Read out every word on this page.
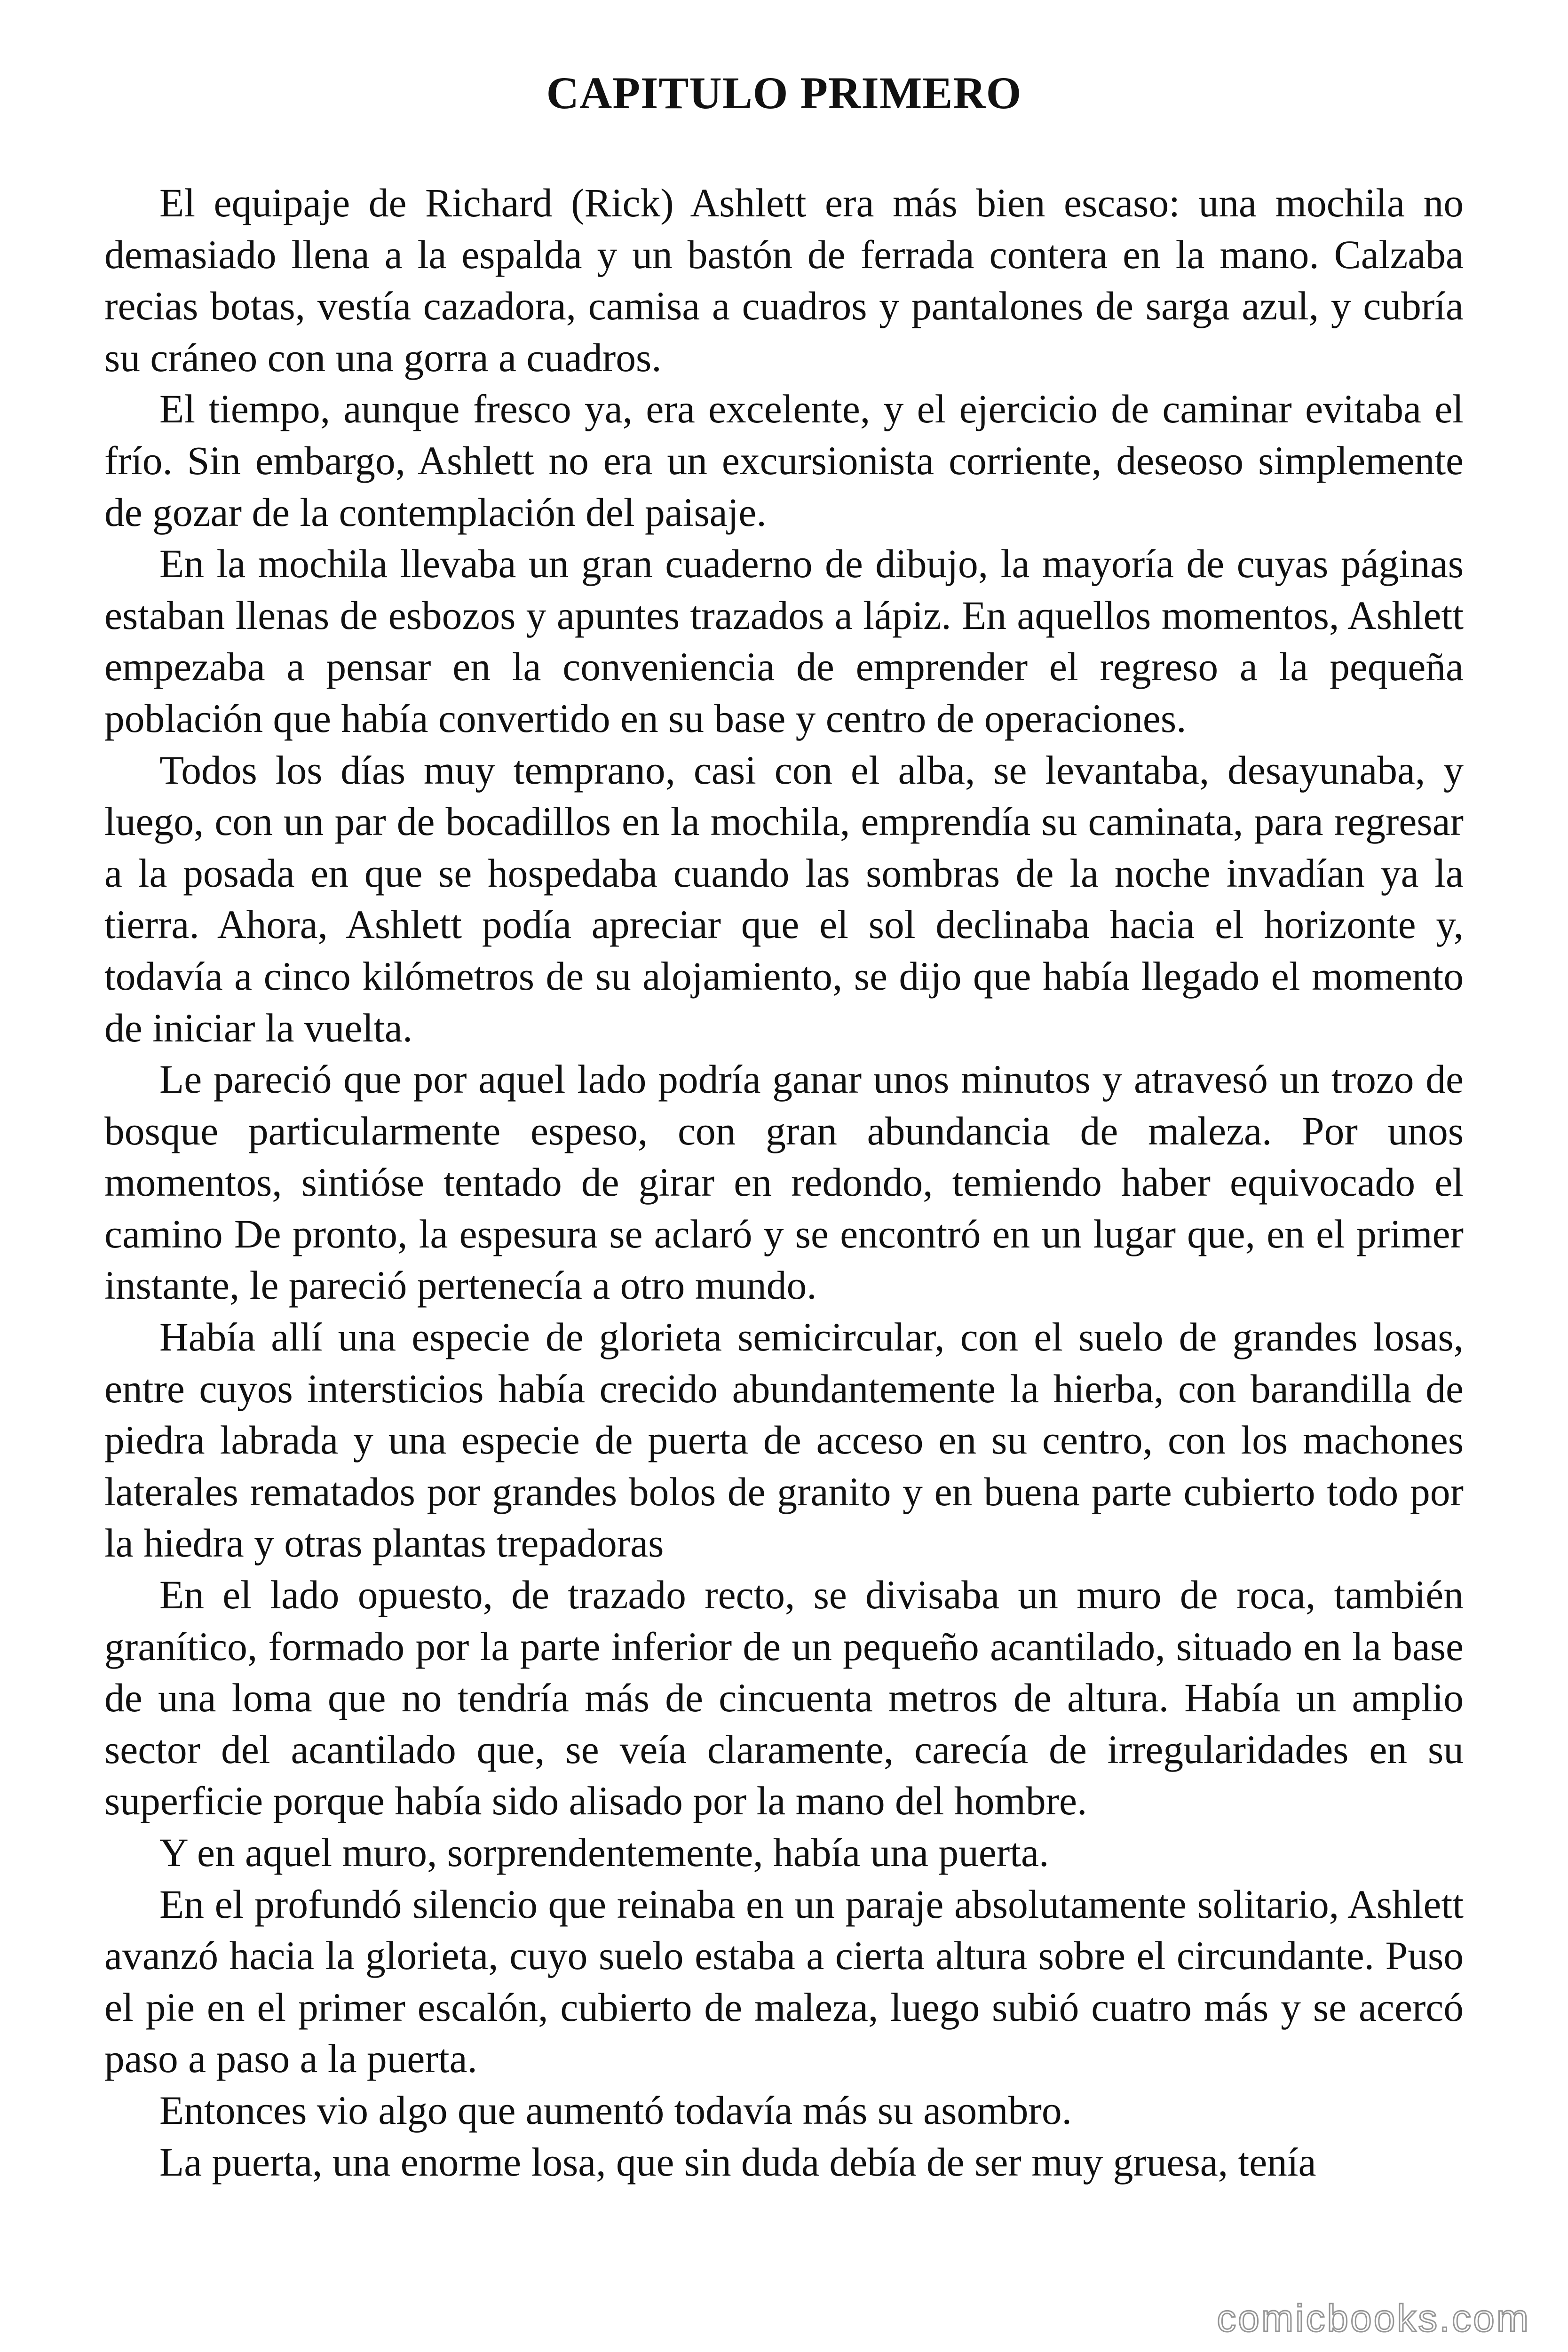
CAPITULO PRIMERO

El equipaje de Richard (Rick) Ashlett era más bien escaso: una mochila no demasiado llena a la espalda y un bastón de ferrada contera en la mano. Calzaba recias botas, vestía cazadora, camisa a cuadros y pantalones de sarga azul, y cubría su cráneo con una gorra a cuadros.

El tiempo, aunque fresco ya, era excelente, y el ejercicio de caminar evitaba el frío. Sin embargo, Ashlett no era un excursionista corriente, deseoso simplemente de gozar de la contemplación del paisaje.

En la mochila llevaba un gran cuaderno de dibujo, la mayoría de cuyas páginas estaban llenas de esbozos y apuntes trazados a lápiz. En aquellos momentos, Ashlett empezaba a pensar en la conveniencia de emprender el regreso a la pequeña población que había convertido en su base y centro de operaciones.

Todos los días muy temprano, casi con el alba, se levantaba, desayunaba, y luego, con un par de bocadillos en la mochila, emprendía su caminata, para regresar a la posada en que se hospedaba cuando las sombras de la noche invadían ya la tierra. Ahora, Ashlett podía apreciar que el sol declinaba hacia el horizonte y, todavía a cinco kilómetros de su alojamiento, se dijo que había llegado el momento de iniciar la vuelta.

Le pareció que por aquel lado podría ganar unos minutos y atravesó un trozo de bosque particularmente espeso, con gran abundancia de maleza. Por unos momentos, sintióse tentado de girar en redondo, temiendo haber equivocado el camino De pronto, la espesura se aclaró y se encontró en un lugar que, en el primer instante, le pareció pertenecía a otro mundo.

Había allí una especie de glorieta semicircular, con el suelo de grandes losas, entre cuyos intersticios había crecido abundantemente la hierba, con barandilla de piedra labrada y una especie de puerta de acceso en su centro, con los machones laterales rematados por grandes bolos de granito y en buena parte cubierto todo por la hiedra y otras plantas trepadoras

En el lado opuesto, de trazado recto, se divisaba un muro de roca, también granítico, formado por la parte inferior de un pequeño acantilado, situado en la base de una loma que no tendría más de cincuenta metros de altura. Había un amplio sector del acantilado que, se veía claramente, carecía de irregularidades en su superficie porque había sido alisado por la mano del hombre.

Y en aquel muro, sorprendentemente, había una puerta.

En el profundó silencio que reinaba en un paraje absolutamente solitario, Ashlett avanzó hacia la glorieta, cuyo suelo estaba a cierta altura sobre el circundante. Puso el pie en el primer escalón, cubierto de maleza, luego subió cuatro más y se acercó paso a paso a la puerta.

Entonces vio algo que aumentó todavía más su asombro.

La puerta, una enorme losa, que sin duda debía de ser muy gruesa, tenía

comicbooks.com
